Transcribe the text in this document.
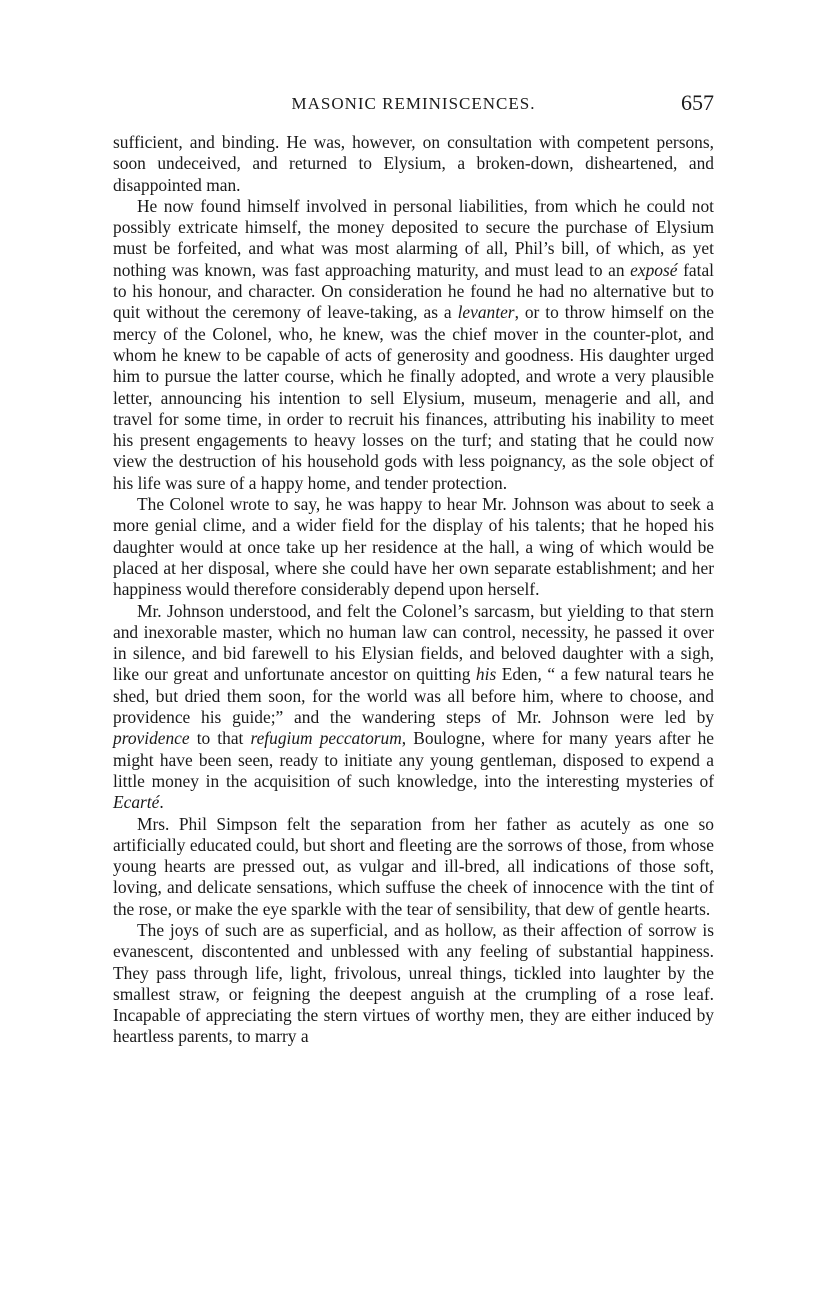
MASONIC REMINISCENCES.	657

sufficient, and binding. He was, however, on consultation with competent persons, soon undeceived, and returned to Elysium, a broken-down, disheartened, and disappointed man.

He now found himself involved in personal liabilities, from which he could not possibly extricate himself, the money deposited to secure the purchase of Elysium must be forfeited, and what was most alarming of all, Phil’s bill, of which, as yet nothing was known, was fast approaching maturity, and must lead to an exposé fatal to his honour, and character. On consideration he found he had no alternative but to quit without the ceremony of leave-taking, as a levanter, or to throw himself on the mercy of the Colonel, who, he knew, was the chief mover in the counter-plot, and whom he knew to be capable of acts of generosity and goodness. His daughter urged him to pursue the latter course, which he finally adopted, and wrote a very plausible letter, announcing his intention to sell Elysium, museum, menagerie and all, and travel for some time, in order to recruit his finances, attributing his inability to meet his present engagements to heavy losses on the turf; and stating that he could now view the destruction of his household gods with less poignancy, as the sole object of his life was sure of a happy home, and tender protection.

The Colonel wrote to say, he was happy to hear Mr. Johnson was about to seek a more genial clime, and a wider field for the display of his talents; that he hoped his daughter would at once take up her residence at the hall, a wing of which would be placed at her disposal, where she could have her own separate establishment; and her happiness would therefore considerably depend upon herself.

Mr. Johnson understood, and felt the Colonel’s sarcasm, but yielding to that stern and inexorable master, which no human law can control, necessity, he passed it over in silence, and bid farewell to his Elysian fields, and beloved daughter with a sigh, like our great and unfortunate ancestor on quitting his Eden, “ a few natural tears he shed, but dried them soon, for the world was all before him, where to choose, and providence his guide;” and the wandering steps of Mr. Johnson were led by providence to that refugium peccatorum, Boulogne, where for many years after he might have been seen, ready to initiate any young gentleman, disposed to expend a little money in the acquisition of such knowledge, into the interesting mysteries of Ecarté.

Mrs. Phil Simpson felt the separation from her father as acutely as one so artificially educated could, but short and fleeting are the sorrows of those, from whose young hearts are pressed out, as vulgar and ill-bred, all indications of those soft, loving, and delicate sensations, which suffuse the cheek of innocence with the tint of the rose, or make the eye sparkle with the tear of sensibility, that dew of gentle hearts.

The joys of such are as superficial, and as hollow, as their affection of sorrow is evanescent, discontented and unblessed with any feeling of substantial happiness. They pass through life, light, frivolous, unreal things, tickled into laughter by the smallest straw, or feigning the deepest anguish at the crumpling of a rose leaf. Incapable of appreciating the stern virtues of worthy men, they are either induced by heartless parents, to marry a
